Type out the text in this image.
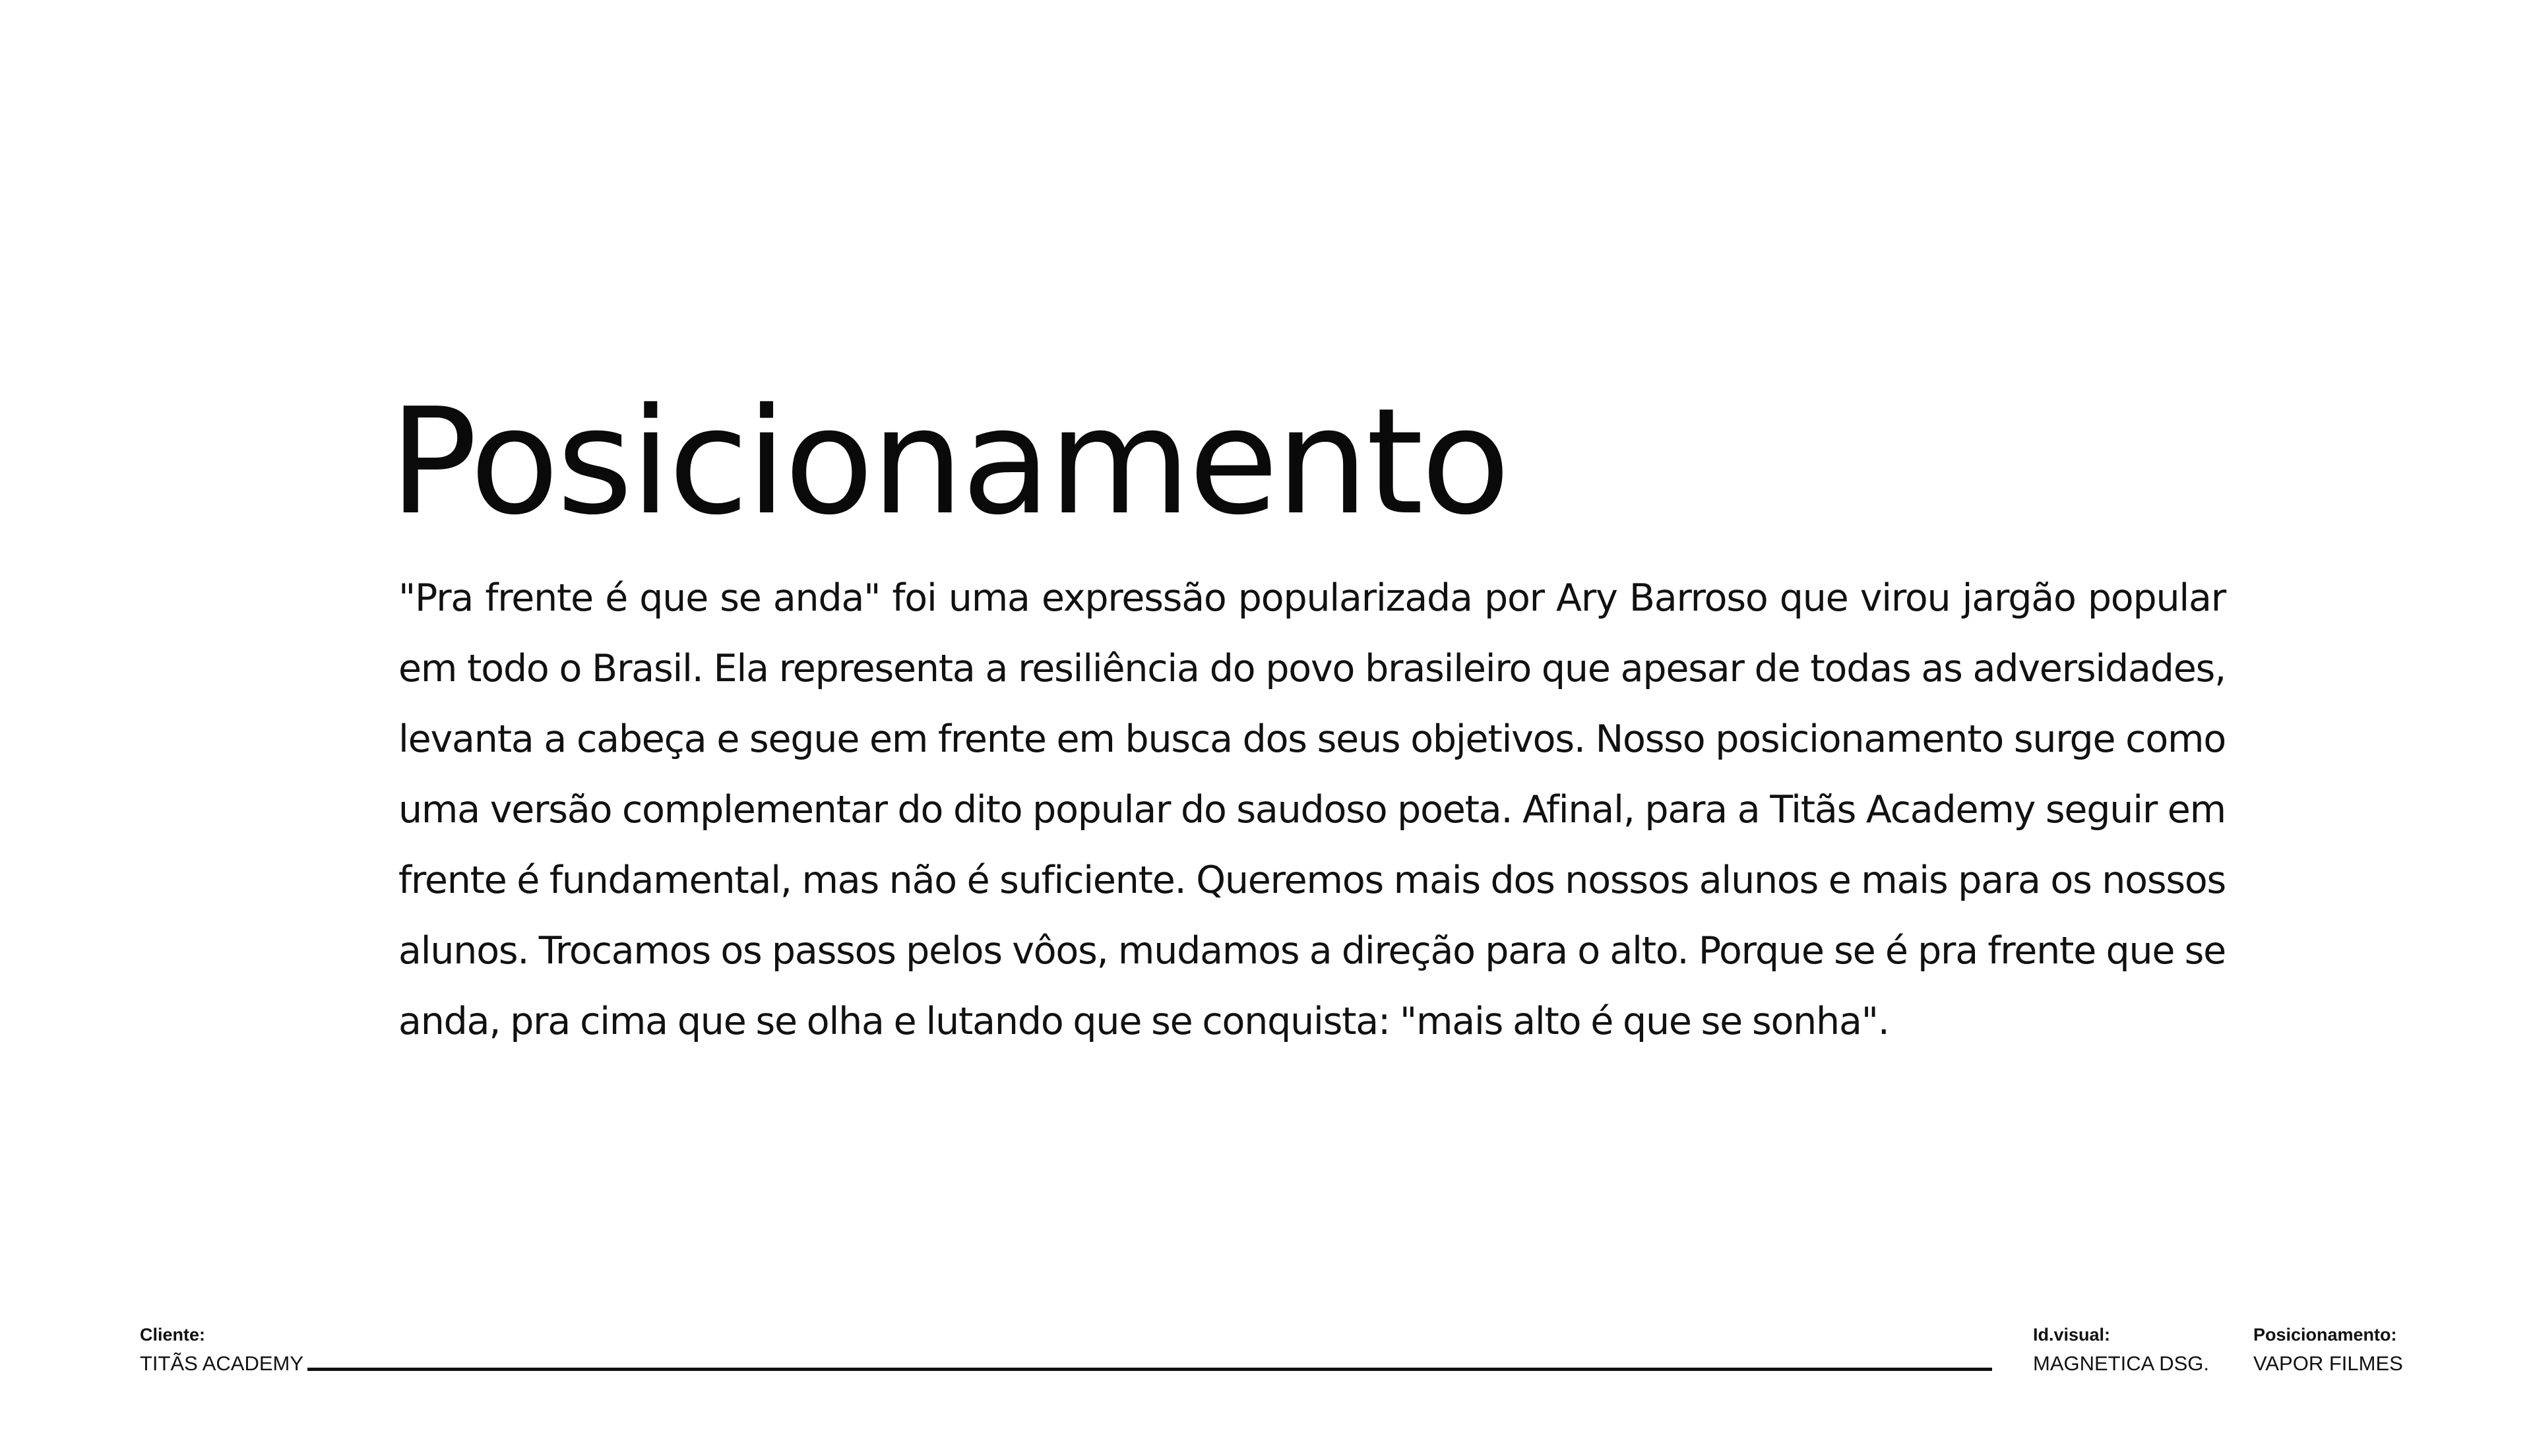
Posicionamento

"Pra frente é que se anda" foi uma expressão popularizada por Ary Barroso que virou jargão popular em todo o Brasil. Ela representa a resiliência do povo brasileiro que apesar de todas as adversidades, levanta a cabeça e segue em frente em busca dos seus objetivos. Nosso posicionamento surge como uma versão complementar do dito popular do saudoso poeta. Afinal, para a Titãs Academy seguir em frente é fundamental, mas não é suficiente. Queremos mais dos nossos alunos e mais para os nossos alunos. Trocamos os passos pelos vôos, mudamos a direção para o alto. Porque se é pra frente que se anda, pra cima que se olha e lutando que se conquista: "mais alto é que se sonha".

Cliente:
TITÃS ACADEMY
Id.visual:
MAGNETICA DSG.
Posicionamento:
VAPOR FILMES
